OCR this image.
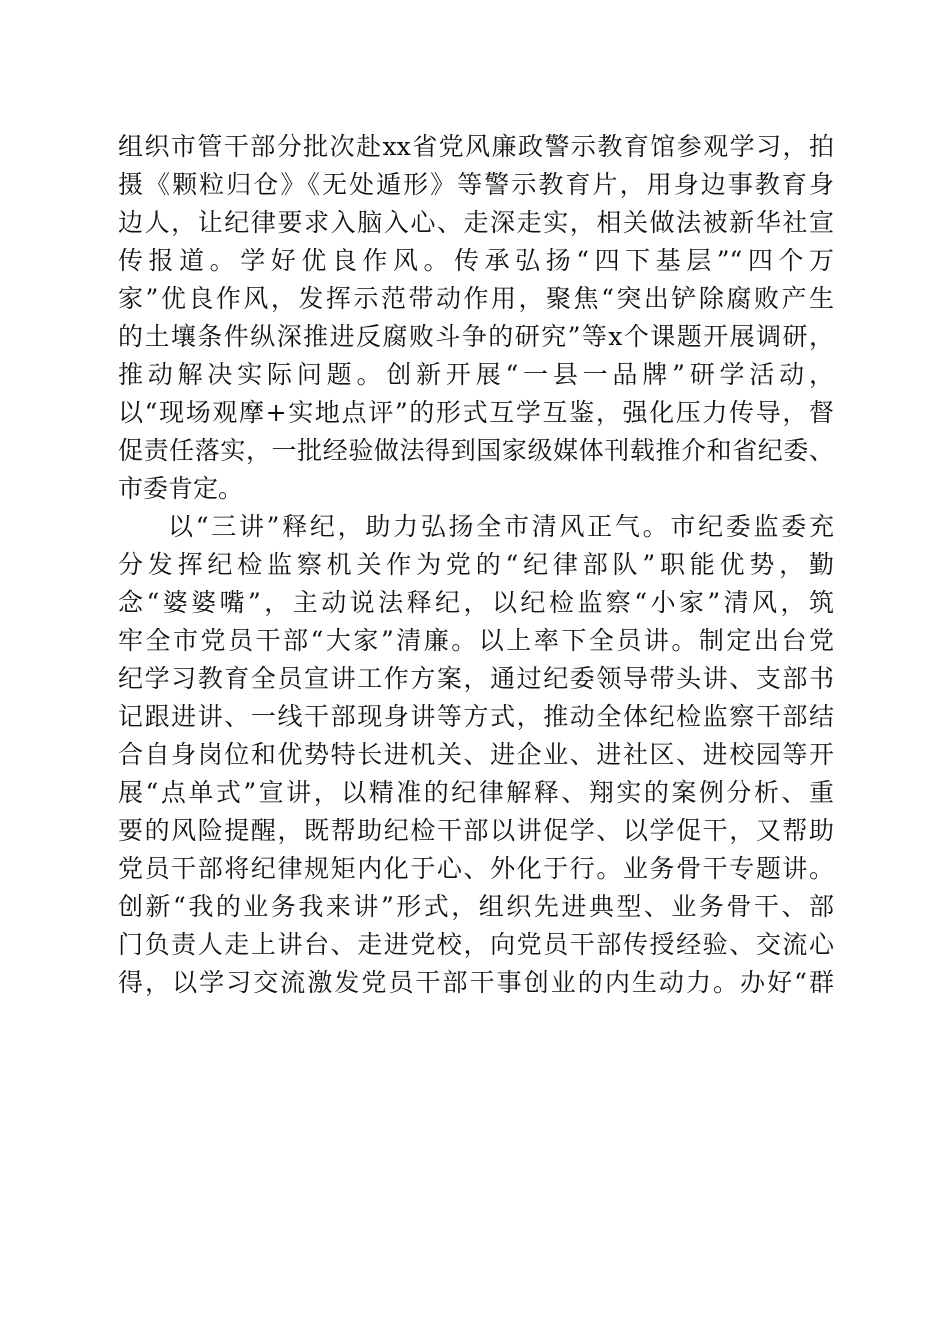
组织市管干部分批次赴xx省党风廉政警示教育馆参观学习，拍
摄《颗粒归仓》《无处遁形》等警示教育片，用身边事教育身
边人，让纪律要求入脑入心、走深走实，相关做法被新华社宣
传报道。学好优良作风。传承弘扬“四下基层”“四个万
家”优良作风，发挥示范带动作用，聚焦“突出铲除腐败产生
的土壤条件纵深推进反腐败斗争的研究”等x个课题开展调研，
推动解决实际问题。创新开展“一县一品牌”研学活动，
以“现场观摩+实地点评”的形式互学互鉴，强化压力传导，督
促责任落实，一批经验做法得到国家级媒体刊载推介和省纪委、
市委肯定。
以“三讲”释纪，助力弘扬全市清风正气。市纪委监委充
分发挥纪检监察机关作为党的“纪律部队”职能优势，勤
念“婆婆嘴”，主动说法释纪，以纪检监察“小家”清风，筑
牢全市党员干部“大家”清廉。以上率下全员讲。制定出台党
纪学习教育全员宣讲工作方案，通过纪委领导带头讲、支部书
记跟进讲、一线干部现身讲等方式，推动全体纪检监察干部结
合自身岗位和优势特长进机关、进企业、进社区、进校园等开
展“点单式”宣讲，以精准的纪律解释、翔实的案例分析、重
要的风险提醒，既帮助纪检干部以讲促学、以学促干，又帮助
党员干部将纪律规矩内化于心、外化于行。业务骨干专题讲。
创新“我的业务我来讲”形式，组织先进典型、业务骨干、部
门负责人走上讲台、走进党校，向党员干部传授经验、交流心
得，以学习交流激发党员干部干事创业的内生动力。办好“群
